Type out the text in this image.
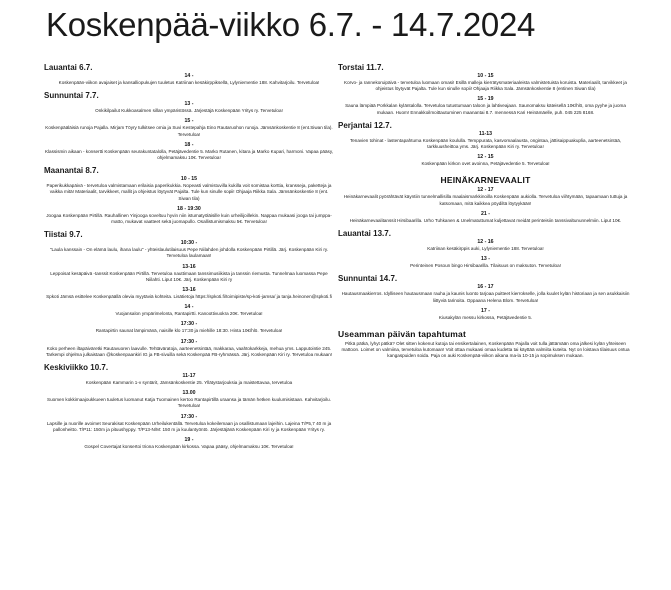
Koskenpää-viikko 6.7. - 14.7.2024
Lauantai 6.7.
14 -
Koskenpään-viikon avajaiset ja kansalliopukujen tuuletus Katriinan kesäkirppiksellä, Lylyniementie 188. Kahvitarjoilu. Tervetuloa!
Sunnuntai 7.7.
13 -
Onkikilpailut Kukkoasalmen sillan ympäristössä. Järjestäjä Koskenpään Yritys ry. Tervetuloa!
15 -
Koskenpääläisiä runoja Pajalla. Mirjam Töyry tulkitsee omia ja Suvi Kestepahja Eino Rautaruohon runoja. Jämsänkoskentie 8 (ent.Siwan tila). Tervetuloa!
18 -
Klassismin aikaan - konsertti Koskenpään seurakuntatalolla, Petäjävedentie 5. Marko Rutanen, kitara ja Marko Kupari, harmoni. Vapaa pääsy, ohjelmamaksu 10€. Tervetuloa!
Maanantai 8.7.
10 - 15
Paperikukkapäivä - tervetuloa valmistamaan erilaisia paperikukkia. Nopeasti valmistuvilla kukilla voit somistaa korttia, kransseja, paketteja ja vaikka mitä! Materiaalit, tarvikkeet, mallit ja ohjeistus löytyvät Pajalta. Tule kun sinulle sopii! Ohjaaja Riikka Sala. Jämsänkoskentie 8 (ent. Siwan tila)
18 - 19:30
Joogaa Koskenpään Pirtillä. Rauhallinen Yinjooga soveltuu hyvin niin istumatyöläisille kuin urheilijoillekin. Nappaa mukaasi jooga tai jumppa- matto, mukavat vaatteet sekä juomapullo. Osallistumismaksu 5€. Tervetuloa!
Tiistai 9.7.
10:30 -
"Laula kanssain - On elämä laulu, ihana laulu" - yhteislaulutilaisuus Pepe Niilahden johdolla Koskenpään Pirtillä. Järj. Koskenpään Kiri ry. Tervetuloa laulamaan!
13-16
Leppoisat kesäpäivä -tanssit Koskenpään Pirtillä. Tervetuloa nauttimaan tanssimusiikista ja tanssin riemusta. Tunnelmaa luomassa Pepe Niilahti. Liput 10€. Järj. Koskenpään Kiri ry
13-16
Spkoti Jämsä esittelee Koskenpäällä olevia myytäviä kohteita. Lisätietoja https://spkoti.fi/toimipiste/sp-koti-jamsa/ ja tanja.heinonen@spkoti.fi
14 -
Vuojansalon ympärimelonta, Rantapirtti. Kanoottivuokra 20€. Tervetuloa!
17:30 -
Rantapirtin saunat lämpimänä, naisille klo 17:30 ja miehille 18:30. Hinta 10€/hlö. Tervetuloa!
17:30 -
Koko perheen iltapäiväretki Rautavuoren laavulle. Tehtäväratoja, aarteenetsintää, makkaraa, vaahtokarkkeja, mehua yms. Lapputointie 245. Tarkempi ohjelma julkaistaan @koskenpaankiri IG ja FB-sivuilla sekä Koskenpää FB-ryhmässä. Järj. Koskenpään Kiri ry. Tervetuloa mukaan!
Keskiviikko 10.7.
11-17
Koskenpään Kammarin 1-v syntärit, Jämsänkoskentie 25. Yllätystarjouksia ja maistettavaa, tervetuloa
13.00
Suomen kokkimaajoukkueen tuuletus luomanut Katja Tuomainen kertoo Rantapirtillä uraansa ja tämän hetken kuulumisistaan. Kahvitarjoilu. Tervetuloa!
17:30 -
Lapsille ja nuorille avoimet Seurakisat Koskenpään Urheilukentällä. Tervetuloa kokeilemaan ja osallistumaan lajeihin. Lajeina T/P5,7 40 m ja pallonheitto. T/P11: 150m ja pituushyppy. T/P13-N/M: 150 m ja kuulantyöntö. Järjestäjänä Koskenpään Kiri ry ja Koskenpään Yritys ry.
19 -
Gospel Covertajat konsertoi triona Koskenpään kirkossa. Vapaa pääsy, ohjelmamaksu 10€. Tervetuloa!
Torstai 11.7.
10 - 15
Korvo- ja rannekoruipäivä - tervetuloa luomaan omasi! Esillä malleja kierrätysmateriaaleista valmistetuista koruista. Materiaalit, tarvikkeet ja ohjeistus löytyvät Pajalta. Tule kun sinulle sopii! Ohjaaja Riikka Sala. Jämsänkoskentie 8 (entinen Siwan tila)
15 - 19
Sauna lämpiää Porkkalan kyläntalolla. Tervetuloa tutustumaan taloon ja lahtiveajaan. Saunomaksu käteisellä 10€/hlö, oma pyyhe ja juoma mukaan. Huom! Ennakkoilmoittautuminen maanantai 8.7. mennessä Kari Heinämäelle, puh. 045 225 8168.
Perjantai 12.7.
11-13
Tenavien tohinat - lastentapahtuma Koskenpään koululla. Temppurata, kasvomaalausta, ongintaa, jättisaippuakuplia, aarteenetsintää, tarkkuusheittoa yms. Järj. Koskenpään Kiri ry. Tervetuloa!
12 - 15
Koskenpään kirkon ovet avoinna, Petäjävedentie 5. Tervetuloa!
HEINÄKARNEVAALIT
12 - 17
Heinäkarnevaalit pyörähtävät käyntiin tunnelmallisilla maalaismarkkinoilla Koskenpään aukiolla. Tervetuloa viihtymään, tapaamaan tuttuja ja katsomaan, mitä kaikkea pöydiltä löytyykään!
21 -
Heinäkarnevaalitanssit Hirsibaarilla. Urho Tuhkanen & Unelmatuttumat kuljettavat meidät perinteisiin tanssivaltununnelmiin. Liput 10€.
Lauantai 13.7.
12 - 16
Katriinan kesäkirppis auki, Lylyniementie 188. Tervetuloa!
13 -
Perinteinen Posoun bingo Hirsibaarilla. Tilaisuus on maksuton. Tervetuloa!
Sunnuntai 14.7.
16 - 17
Hautausmaakierros. Idylliseen hautausmaan rauha ja kaunis luonto tarjoaa puitteet kierrokselle, jolla kuulet kylän historiaan ja sen asukkaisiin liittyviä tarinoita. Oppaana Helena Blom. Tervetuloa!
17 -
Kiusakylän messu kirkossa, Petäjävedentie 5.
Useamman päivän tapahtumat
Pitkä pätkä, lyhyt pätkä? Olet sitten kokenut kutoja tai ensikertalainen, Koskenpään Pajalla voit tulla jättämään oma jälkesi kylän yhteiseen mattoon. Loimet on valmiina, tervetuloa kutomaan! Voit ottaa mukaasi omaa kudetta tai käyttää valmiita kuteita. Nyt on loistava tilaisuus ontua kangaspuiden soida. Paja on auki Koskenpää-viikon aikana ma-la 10-15 ja sopimuksen mukaan.
